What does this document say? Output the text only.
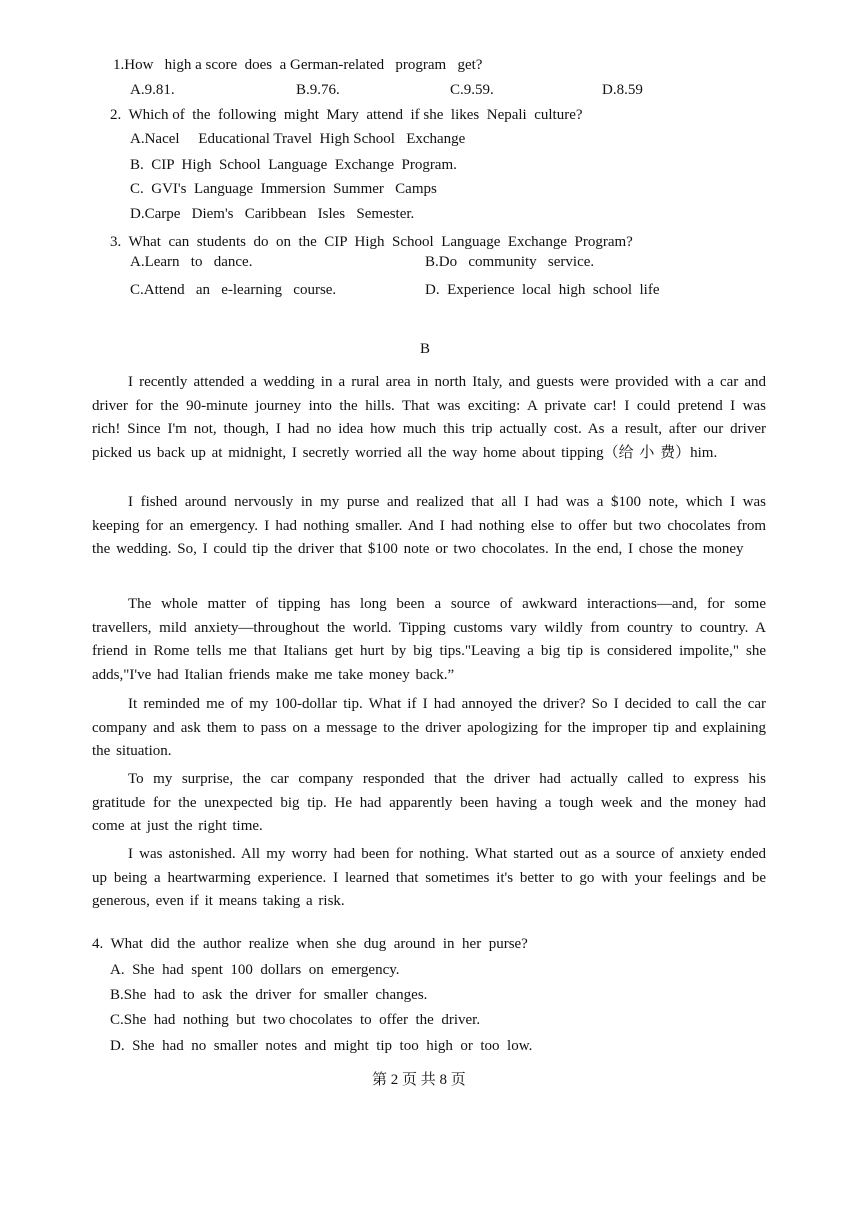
1.How   high a score  does  a German-related   program   get?
A.9.81.	B.9.76.	C.9.59.	D.8.59
2.  Which of  the  following  might  Mary  attend  if she  likes  Nepali  culture?
A.Nacel     Educational Travel  High School   Exchange
B.  CIP  High  School  Language  Exchange  Program.
C.  GVI's  Language  Immersion  Summer   Camps
D.Carpe   Diem's   Caribbean   Isles   Semester.
3.  What  can  students  do  on  the  CIP  High  School  Language  Exchange  Program?
A.Learn   to   dance.	B.Do   community   service.
C.Attend   an   e-learning   course.	D.  Experience  local  high  school  life
B
I recently attended a wedding in a rural area in north Italy, and guests were provided with a car and driver for the 90-minute journey into the hills. That was exciting: A private car! I could pretend I was rich! Since I'm not, though, I had no idea how much this trip actually cost. As a result, after our driver picked us back up at midnight, I secretly worried all the way home about tipping（给 小 费）him.
I fished around nervously in my purse and realized that all I had was a $100 note, which I was keeping for an emergency. I had nothing smaller. And I had nothing else to offer but two chocolates from the wedding. So, I could tip the driver that $100 note or two chocolates. In the end, I chose the money
The whole matter of tipping has long been a source of awkward interactions—and, for some travellers, mild anxiety—throughout the world. Tipping customs vary wildly from country to country. A friend in Rome tells me that Italians get hurt by big tips."Leaving a big tip is considered impolite," she adds,"I've had Italian friends make me take money back.”
It reminded me of my 100-dollar tip. What if I had annoyed the driver? So I decided to call the car company and ask them to pass on a message to the driver apologizing for the improper tip and explaining the situation.
To my surprise, the car company responded that the driver had actually called to express his gratitude for the unexpected big tip. He had apparently been having a tough week and the money had come at just the right time.
I was astonished. All my worry had been for nothing. What started out as a source of anxiety ended up being a heartwarming experience. I learned that sometimes it's better to go with your feelings and be generous, even if it means taking a risk.
4.  What  did  the  author  realize  when  she  dug  around  in  her  purse?
A.  She  had  spent  100  dollars  on  emergency.
B.She  had  to  ask  the  driver  for  smaller  changes.
C.She  had  nothing  but  two chocolates  to  offer  the  driver.
D.  She  had  no  smaller  notes  and  might  tip  too  high  or  too  low.
第 2 页 共 8 页
